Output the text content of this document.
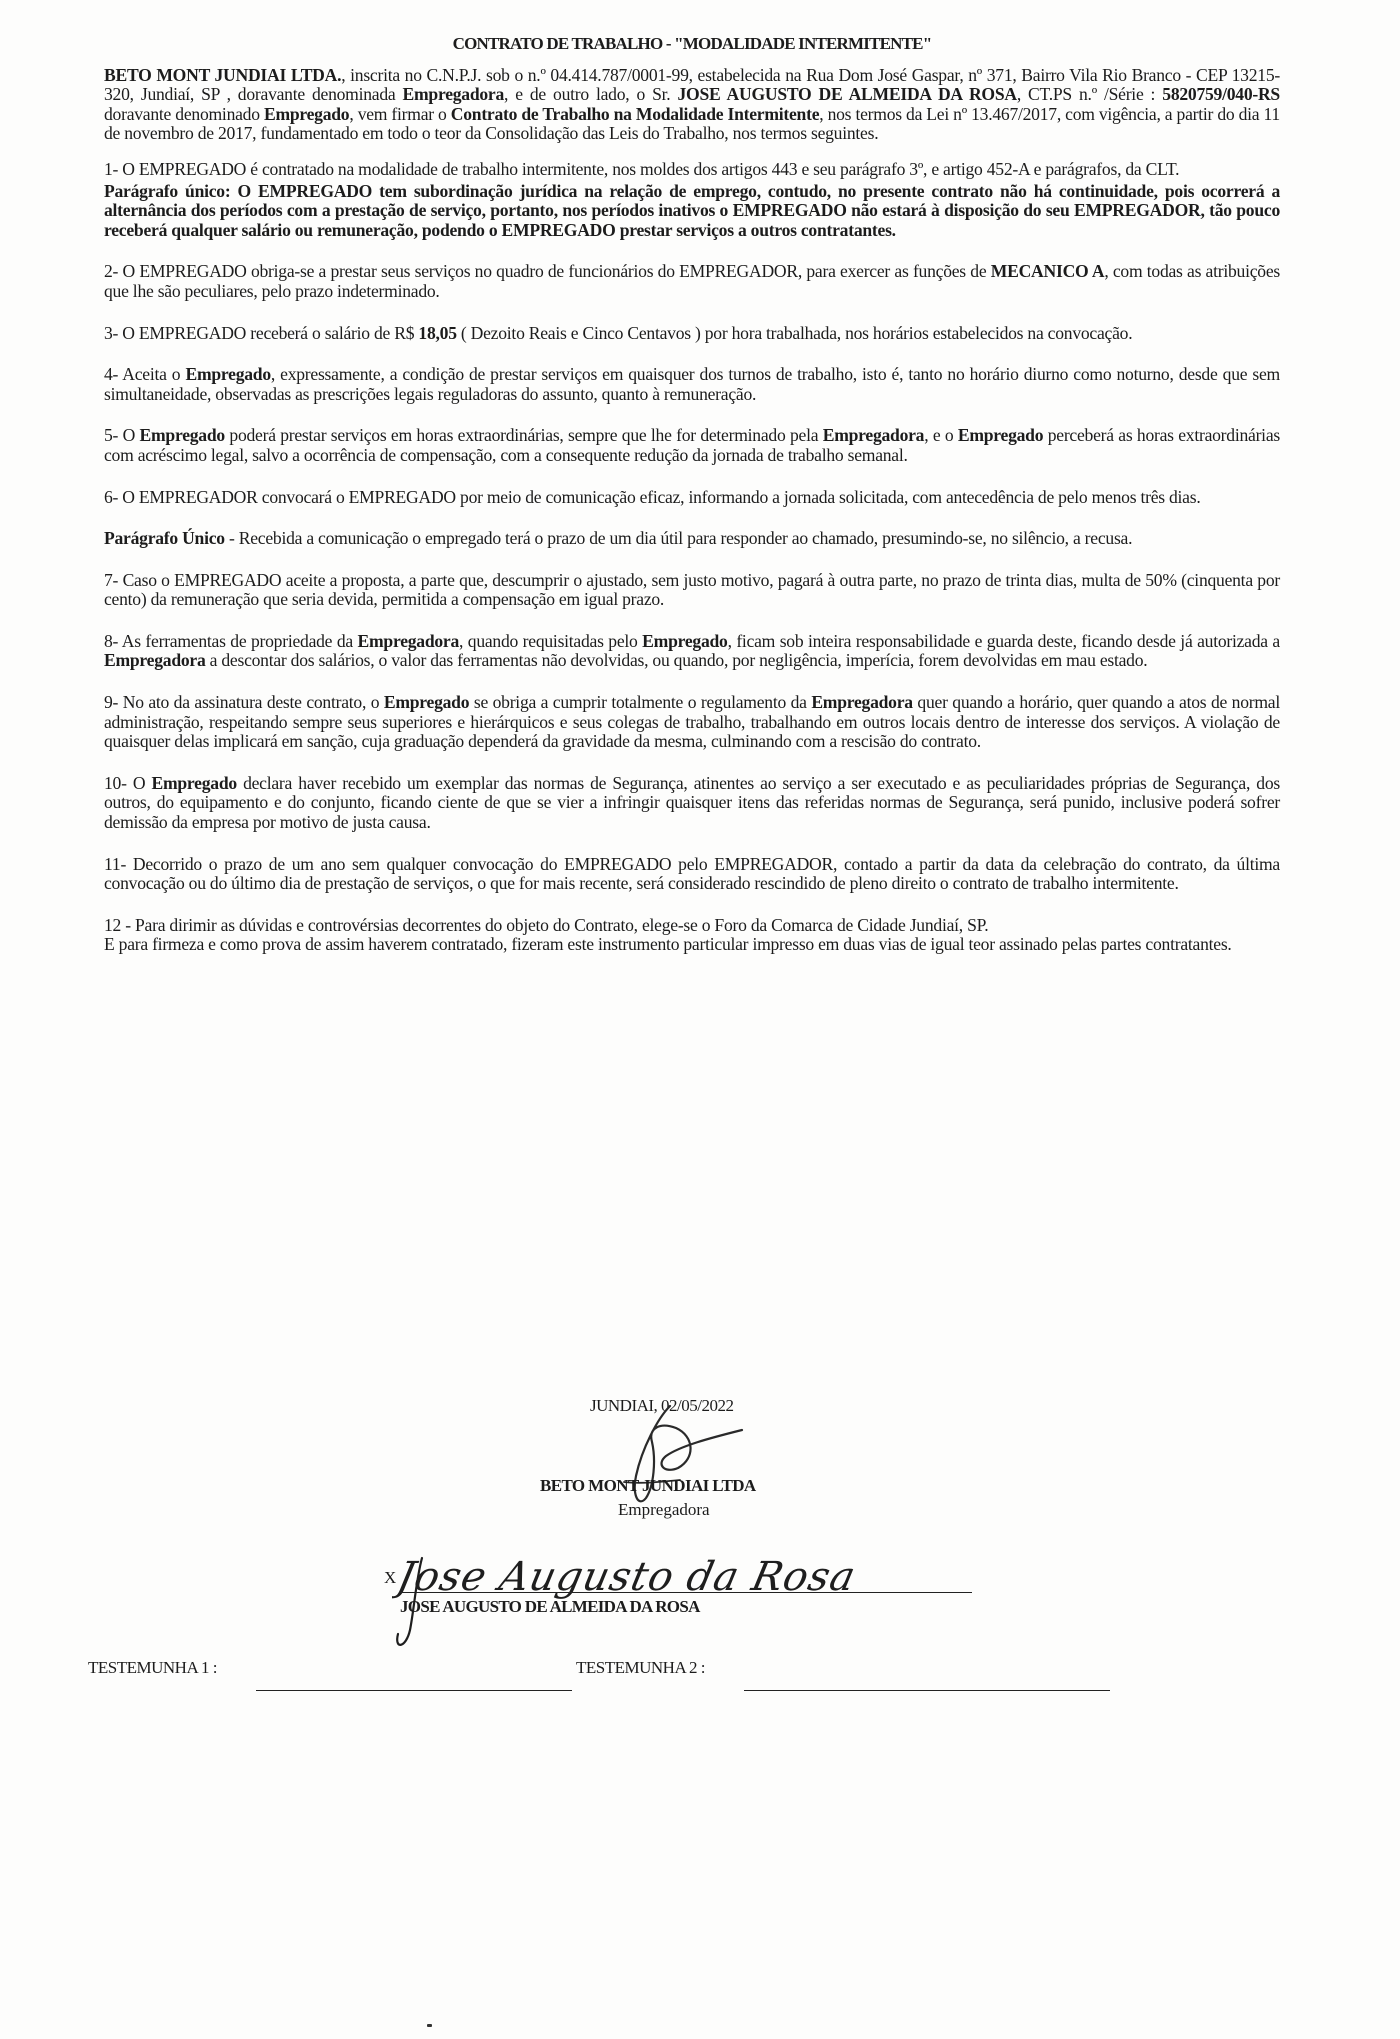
CONTRATO DE TRABALHO - "MODALIDADE INTERMITENTE"

BETO MONT JUNDIAI LTDA., inscrita no C.N.P.J. sob o n.º 04.414.787/0001-99, estabelecida na Rua Dom José Gaspar, nº 371, Bairro Vila Rio Branco - CEP 13215-320, Jundiaí, SP , doravante denominada Empregadora, e de outro lado, o Sr. JOSE AUGUSTO DE ALMEIDA DA ROSA, CT.PS n.º /Série : 5820759/040-RS doravante denominado Empregado, vem firmar o Contrato de Trabalho na Modalidade Intermitente, nos termos da Lei nº 13.467/2017, com vigência, a partir do dia 11 de novembro de 2017, fundamentado em todo o teor da Consolidação das Leis do Trabalho, nos termos seguintes.

1- O EMPREGADO é contratado na modalidade de trabalho intermitente, nos moldes dos artigos 443 e seu parágrafo 3º, e artigo 452-A e parágrafos, da CLT.

Parágrafo único: O EMPREGADO tem subordinação jurídica na relação de emprego, contudo, no presente contrato não há continuidade, pois ocorrerá a alternância dos períodos com a prestação de serviço, portanto, nos períodos inativos o EMPREGADO não estará à disposição do seu EMPREGADOR, tão pouco receberá qualquer salário ou remuneração, podendo o EMPREGADO prestar serviços a outros contratantes.

2- O EMPREGADO obriga-se a prestar seus serviços no quadro de funcionários do EMPREGADOR, para exercer as funções de MECANICO A, com todas as atribuições que lhe são peculiares, pelo prazo indeterminado.

3- O EMPREGADO receberá o salário de R$ 18,05 ( Dezoito Reais e Cinco Centavos ) por hora trabalhada, nos horários estabelecidos na convocação.

4- Aceita o Empregado, expressamente, a condição de prestar serviços em quaisquer dos turnos de trabalho, isto é, tanto no horário diurno como noturno, desde que sem simultaneidade, observadas as prescrições legais reguladoras do assunto, quanto à remuneração.

5- O Empregado poderá prestar serviços em horas extraordinárias, sempre que lhe for determinado pela Empregadora, e o Empregado perceberá as horas extraordinárias com acréscimo legal, salvo a ocorrência de compensação, com a consequente redução da jornada de trabalho semanal.

6- O EMPREGADOR convocará o EMPREGADO por meio de comunicação eficaz, informando a jornada solicitada, com antecedência de pelo menos três dias.

Parágrafo Único - Recebida a comunicação o empregado terá o prazo de um dia útil para responder ao chamado, presumindo-se, no silêncio, a recusa.

7- Caso o EMPREGADO aceite a proposta, a parte que, descumprir o ajustado, sem justo motivo, pagará à outra parte, no prazo de trinta dias, multa de 50% (cinquenta por cento) da remuneração que seria devida, permitida a compensação em igual prazo.

8- As ferramentas de propriedade da Empregadora, quando requisitadas pelo Empregado, ficam sob inteira responsabilidade e guarda deste, ficando desde já autorizada a Empregadora a descontar dos salários, o valor das ferramentas não devolvidas, ou quando, por negligência, imperícia, forem devolvidas em mau estado.

9- No ato da assinatura deste contrato, o Empregado se obriga a cumprir totalmente o regulamento da Empregadora quer quando a horário, quer quando a atos de normal administração, respeitando sempre seus superiores e hierárquicos e seus colegas de trabalho, trabalhando em outros locais dentro de interesse dos serviços. A violação de quaisquer delas implicará em sanção, cuja graduação dependerá da gravidade da mesma, culminando com a rescisão do contrato.

10- O Empregado declara haver recebido um exemplar das normas de Segurança, atinentes ao serviço a ser executado e as peculiaridades próprias de Segurança, dos outros, do equipamento e do conjunto, ficando ciente de que se vier a infringir quaisquer itens das referidas normas de Segurança, será punido, inclusive poderá sofrer demissão da empresa por motivo de justa causa.

11- Decorrido o prazo de um ano sem qualquer convocação do EMPREGADO pelo EMPREGADOR, contado a partir da data da celebração do contrato, da última convocação ou do último dia de prestação de serviços, o que for mais recente, será considerado rescindido de pleno direito o contrato de trabalho intermitente.

12 - Para dirimir as dúvidas e controvérsias decorrentes do objeto do Contrato, elege-se o Foro da Comarca de Cidade Jundiaí, SP.

E para firmeza e como prova de assim haverem contratado, fizeram este instrumento particular impresso em duas vias de igual teor assinado pelas partes contratantes.

JUNDIAI, 02/05/2022
BETO MONT JUNDIAI LTDA
Empregadora
X
Jose Augusto da Rosa
JOSE AUGUSTO DE ALMEIDA DA ROSA
TESTEMUNHA 1 :	TESTEMUNHA 2 :
